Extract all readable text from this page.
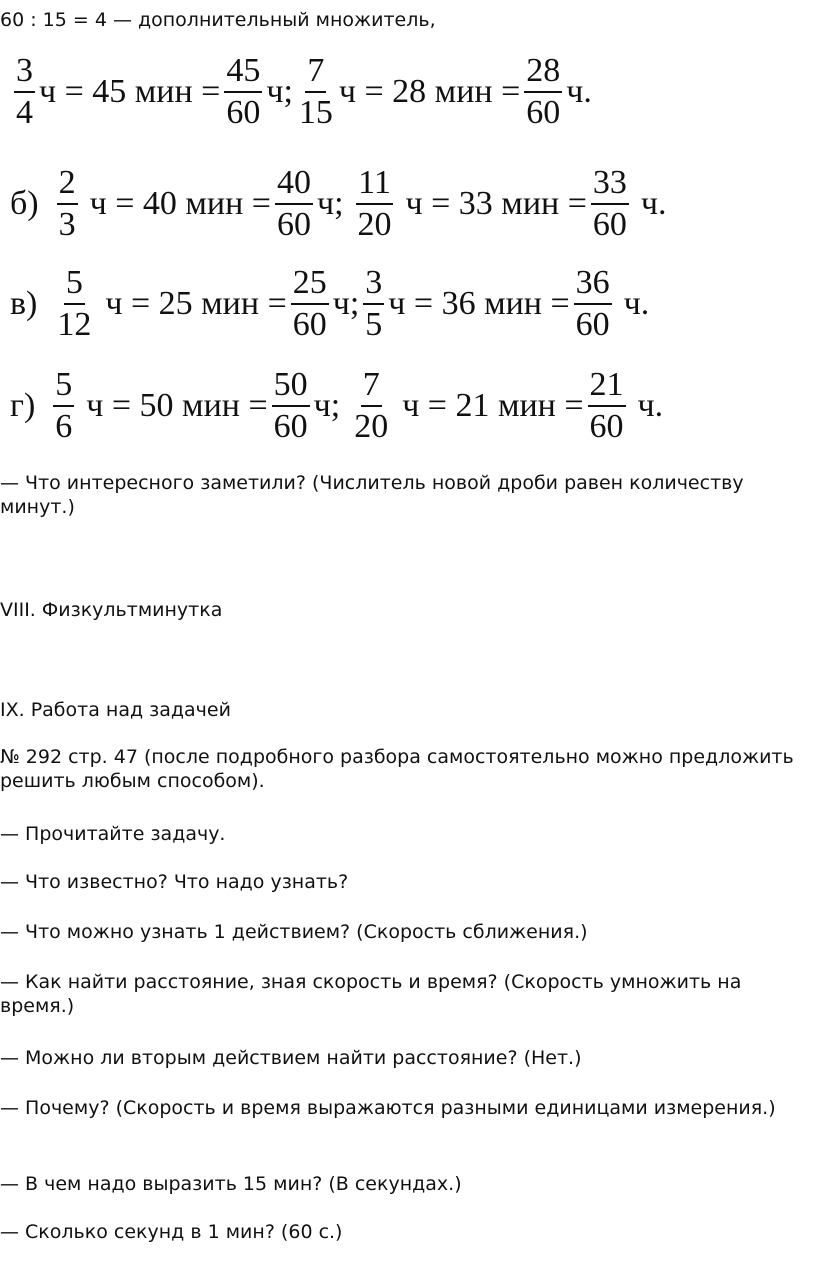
60 : 15 = 4 — дополнительный множитель,
$\frac{3}{4}$ ч = 45 мин = $\frac{45}{60} ч$; $\frac{7}{15}$ ч = 28 мин = $\frac{28}{60} ч$.
$б) \frac{2}{3}$ ч = 40 мин = $\frac{40}{60} ч$; $\frac{11}{20}$ ч = 33 мин = $\frac{33}{60} ч$.
$в) \frac{5}{12}$ ч = 25 мин = $\frac{25}{60} ч$; $\frac{3}{5}$ ч = 36 мин = $\frac{36}{60} ч$.
$г) \frac{5}{6}$ ч = 50 мин = $\frac{50}{60} ч$; $\frac{7}{20}$ ч = 21 мин = $\frac{21}{60} ч$.
— Что интересного заметили? (Числитель новой дроби равен количеству минут.)
VIII. Физкультминутка
IX. Работа над задачей
№ 292 стр. 47 (после подробного разбора самостоятельно можно предложить решить любым способом).
— Прочитайте задачу.
— Что известно? Что надо узнать?
— Что можно узнать 1 действием? (Скорость сближения.)
— Как найти расстояние, зная скорость и время? (Скорость умножить на время.)
— Можно ли вторым действием найти расстояние? (Нет.)
— Почему? (Скорость и время выражаются разными единицами измерения.)
— В чем надо выразить 15 мин? (В секундах.)
— Сколько секунд в 1 мин? (60 с.)
